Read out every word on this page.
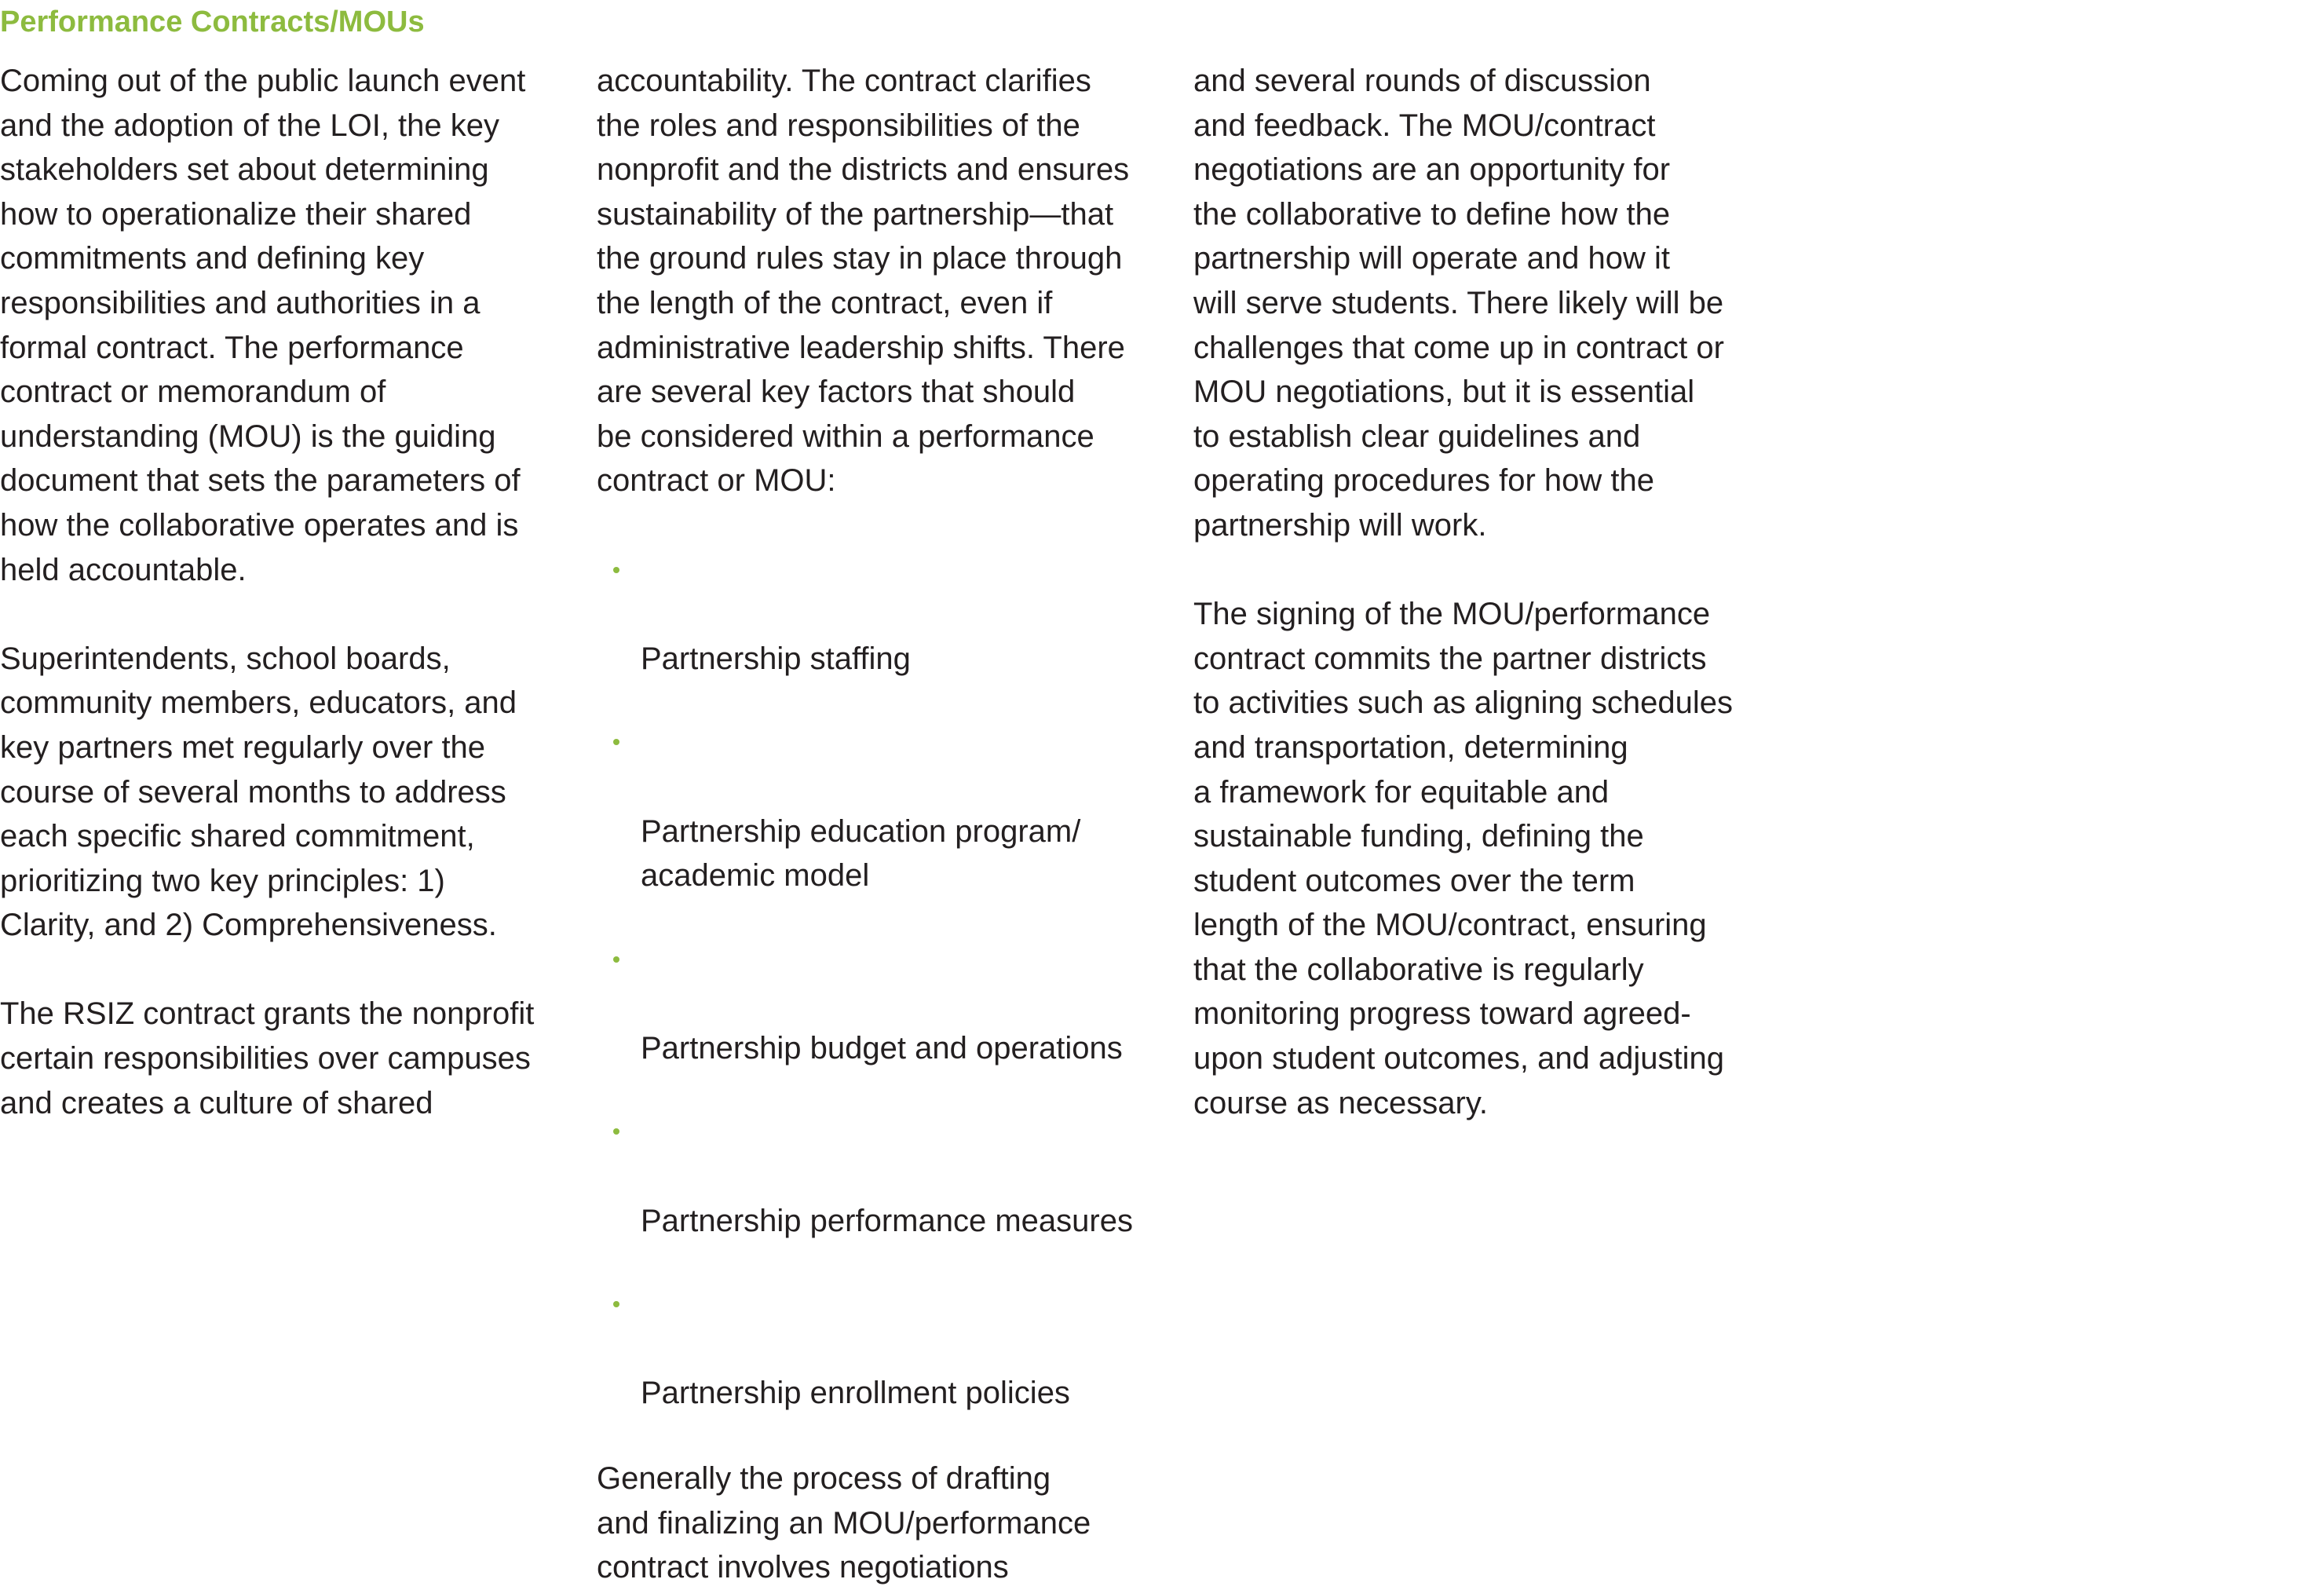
Performance Contracts/MOUs

Coming out of the public launch event
and the adoption of the LOI, the key
stakeholders set about determining
how to operationalize their shared
commitments and defining key
responsibilities and authorities in a
formal contract. The performance
contract or memorandum of
understanding (MOU) is the guiding
document that sets the parameters of
how the collaborative operates and is
held accountable.

Superintendents, school boards,
community members, educators, and
key partners met regularly over the
course of several months to address
each specific shared commitment,
prioritizing two key principles: 1)
Clarity, and 2) Comprehensiveness.

The RSIZ contract grants the nonprofit
certain responsibilities over campuses
and creates a culture of shared

accountability. The contract clarifies
the roles and responsibilities of the
nonprofit and the districts and ensures
sustainability of the partnership—that
the ground rules stay in place through
the length of the contract, even if
administrative leadership shifts. There
are several key factors that should
be considered within a performance
contract or MOU:

Partnership staffing

Partnership education program/
academic model

Partnership budget and operations

Partnership performance measures

Partnership enrollment policies

Generally the process of drafting
and finalizing an MOU/performance
contract involves negotiations

and several rounds of discussion
and feedback. The MOU/contract
negotiations are an opportunity for
the collaborative to define how the
partnership will operate and how it
will serve students. There likely will be
challenges that come up in contract or
MOU negotiations, but it is essential
to establish clear guidelines and
operating procedures for how the
partnership will work.

The signing of the MOU/performance
contract commits the partner districts
to activities such as aligning schedules
and transportation, determining
a framework for equitable and
sustainable funding, defining the
student outcomes over the term
length of the MOU/contract, ensuring
that the collaborative is regularly
monitoring progress toward agreed-
upon student outcomes, and adjusting
course as necessary.
